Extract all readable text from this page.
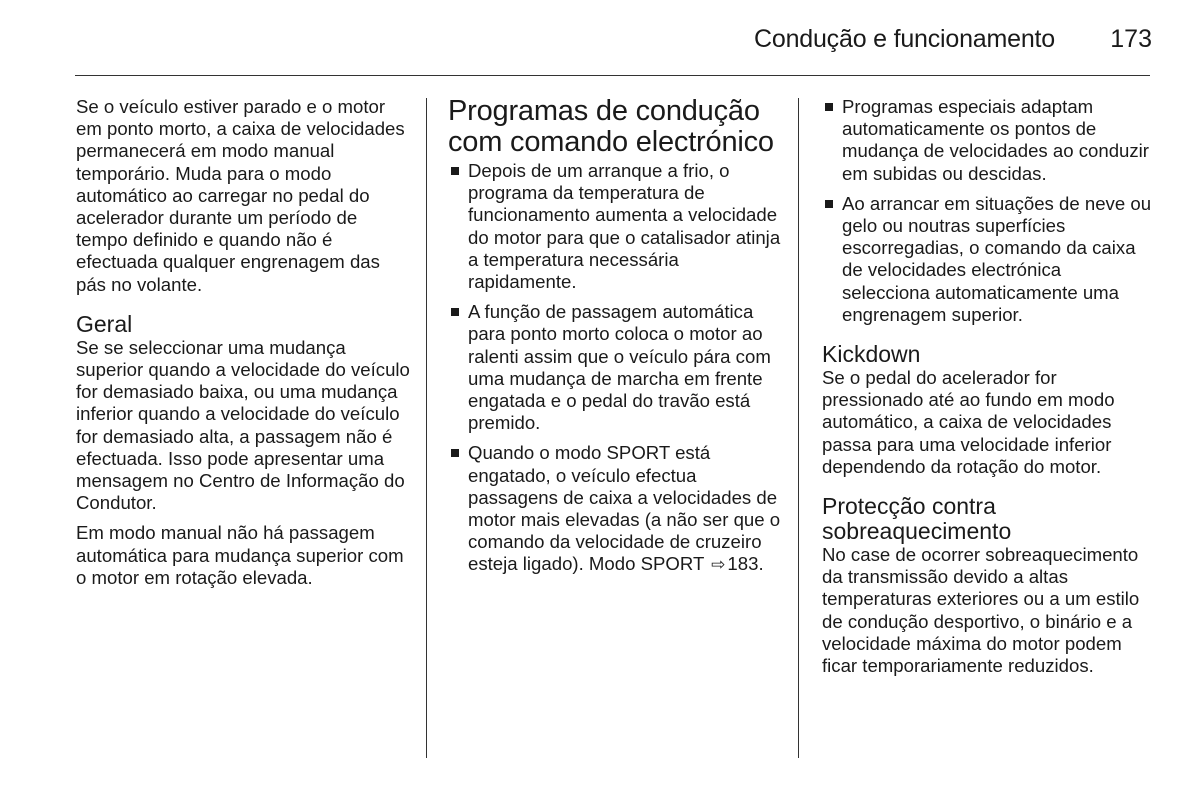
Condução e funcionamento	173

Se o veículo estiver parado e o motor em ponto morto, a caixa de velocidades permanecerá em modo manual temporário. Muda para o modo automático ao carregar no pedal do acelerador durante um período de tempo definido e quando não é efectuada qualquer engrenagem das pás no volante.

Geral

Se se seleccionar uma mudança superior quando a velocidade do veículo for demasiado baixa, ou uma mudança inferior quando a velocidade do veículo for demasiado alta, a passagem não é efectuada. Isso pode apresentar uma mensagem no Centro de Informação do Condutor.

Em modo manual não há passagem automática para mudança superior com o motor em rotação elevada.

Programas de condução com comando electrónico
Depois de um arranque a frio, o programa da temperatura de funcionamento aumenta a velocidade do motor para que o catalisador atinja a temperatura necessária rapidamente.
A função de passagem automática para ponto morto coloca o motor ao ralenti assim que o veículo pára com uma mudança de marcha em frente engatada e o pedal do travão está premido.
Quando o modo SPORT está engatado, o veículo efectua passagens de caixa a velocidades de motor mais elevadas (a não ser que o comando da velocidade de cruzeiro esteja ligado). Modo SPORT ⇨ 183.
Programas especiais adaptam automaticamente os pontos de mudança de velocidades ao conduzir em subidas ou descidas.
Ao arrancar em situações de neve ou gelo ou noutras superfícies escorregadias, o comando da caixa de velocidades electrónica selecciona automaticamente uma engrenagem superior.
Kickdown

Se o pedal do acelerador for pressionado até ao fundo em modo automático, a caixa de velocidades passa para uma velocidade inferior dependendo da rotação do motor.

Protecção contra sobreaquecimento

No case de ocorrer sobreaquecimento da transmissão devido a altas temperaturas exteriores ou a um estilo de condução desportivo, o binário e a velocidade máxima do motor podem ficar temporariamente reduzidos.
